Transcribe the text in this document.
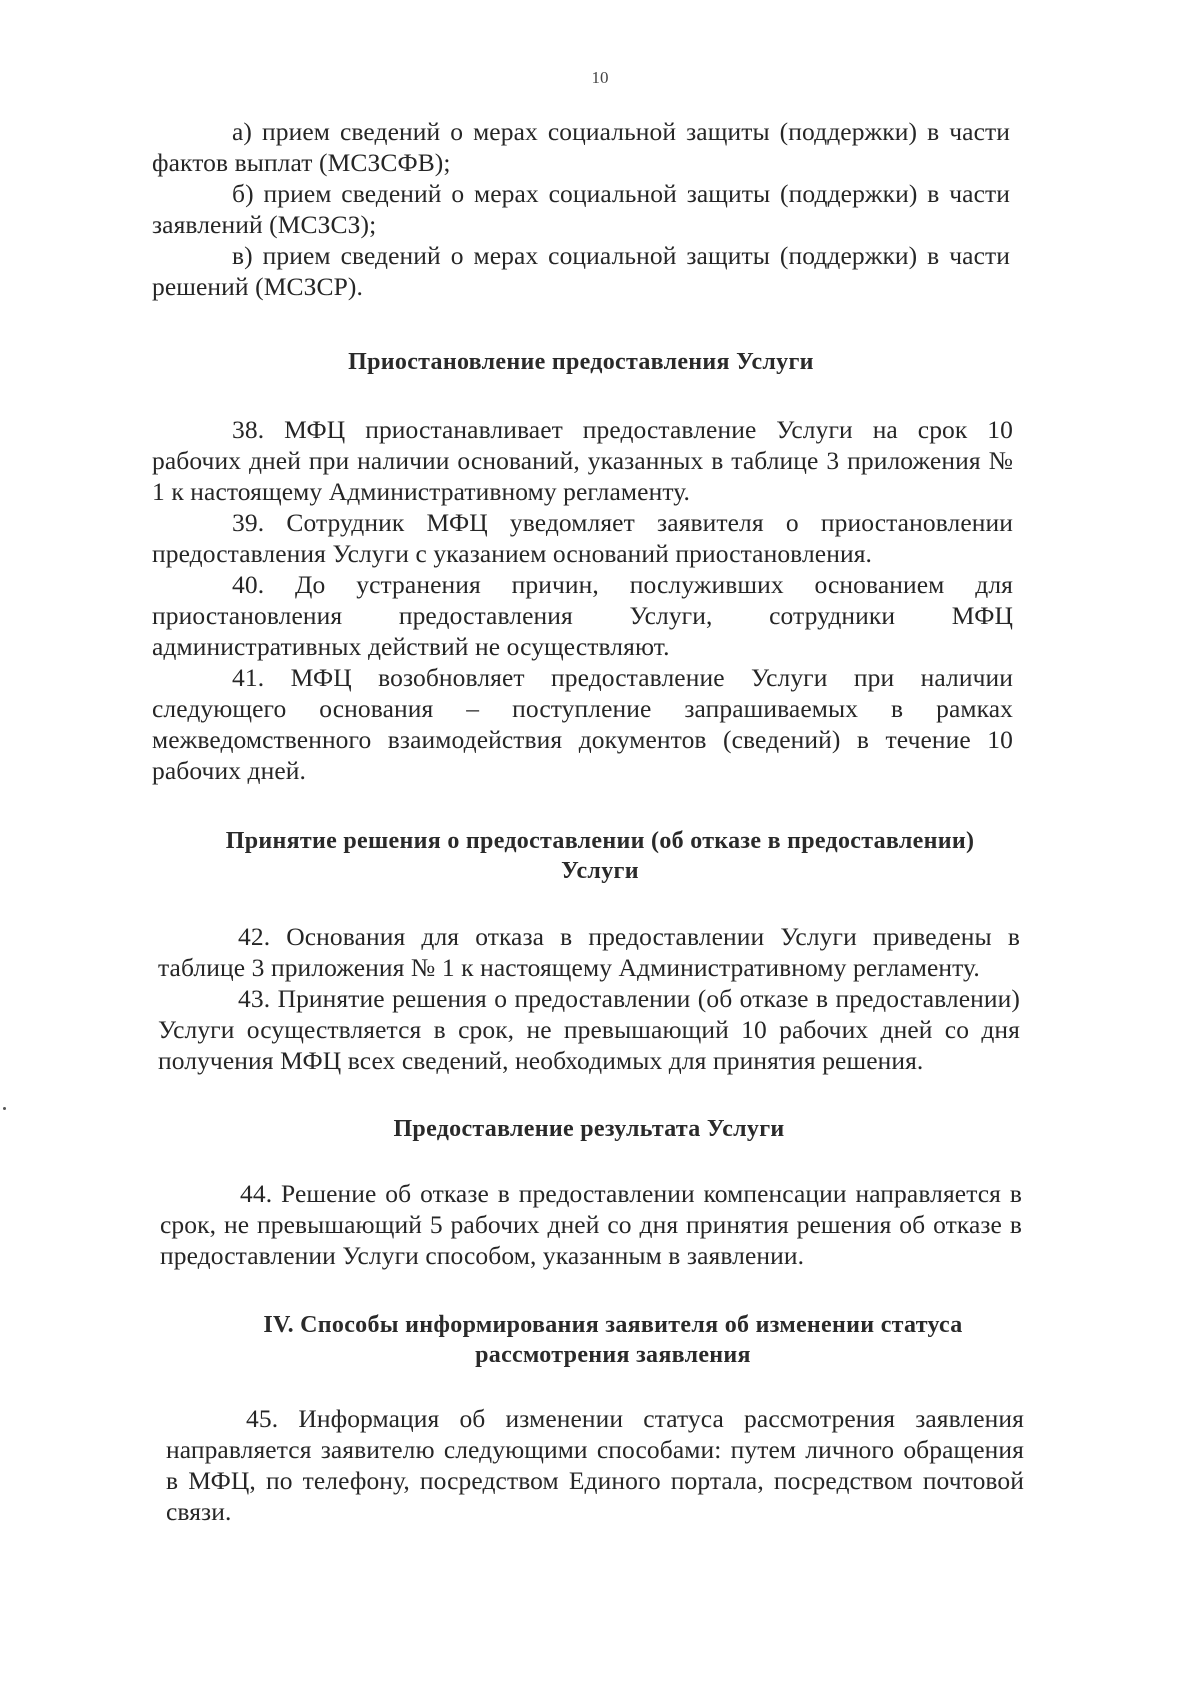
10

а) прием сведений о мерах социальной защиты (поддержки) в части фактов выплат (МСЗСФВ);

б) прием сведений о мерах социальной защиты (поддержки) в части заявлений (МСЗСЗ);

в) прием сведений о мерах социальной защиты (поддержки) в части решений (МСЗСР).

Приостановление предоставления Услуги

38. МФЦ приостанавливает предоставление Услуги на срок 10 рабочих дней при наличии оснований, указанных в таблице 3 приложения № 1 к настоящему Административному регламенту.

39. Сотрудник МФЦ уведомляет заявителя о приостановлении предоставления Услуги с указанием оснований приостановления.

40. До устранения причин, послуживших основанием для приостановления предоставления Услуги, сотрудники МФЦ административных действий не осуществляют.

41. МФЦ возобновляет предоставление Услуги при наличии следующего основания – поступление запрашиваемых в рамках межведомственного взаимодействия документов (сведений) в течение 10 рабочих дней.

Принятие решения о предоставлении (об отказе в предоставлении)
Услуги

42. Основания для отказа в предоставлении Услуги приведены в таблице 3 приложения № 1 к настоящему Административному регламенту.

43. Принятие решения о предоставлении (об отказе в предоставлении) Услуги осуществляется в срок, не превышающий 10 рабочих дней со дня получения МФЦ всех сведений, необходимых для принятия решения.

Предоставление результата Услуги

44. Решение об отказе в предоставлении компенсации направляется в срок, не превышающий 5 рабочих дней со дня принятия решения об отказе в предоставлении Услуги способом, указанным в заявлении.

IV. Способы информирования заявителя об изменении статуса
рассмотрения заявления

45. Информация об изменении статуса рассмотрения заявления направляется заявителю следующими способами: путем личного обращения в МФЦ, по телефону, посредством Единого портала, посредством почтовой связи.
